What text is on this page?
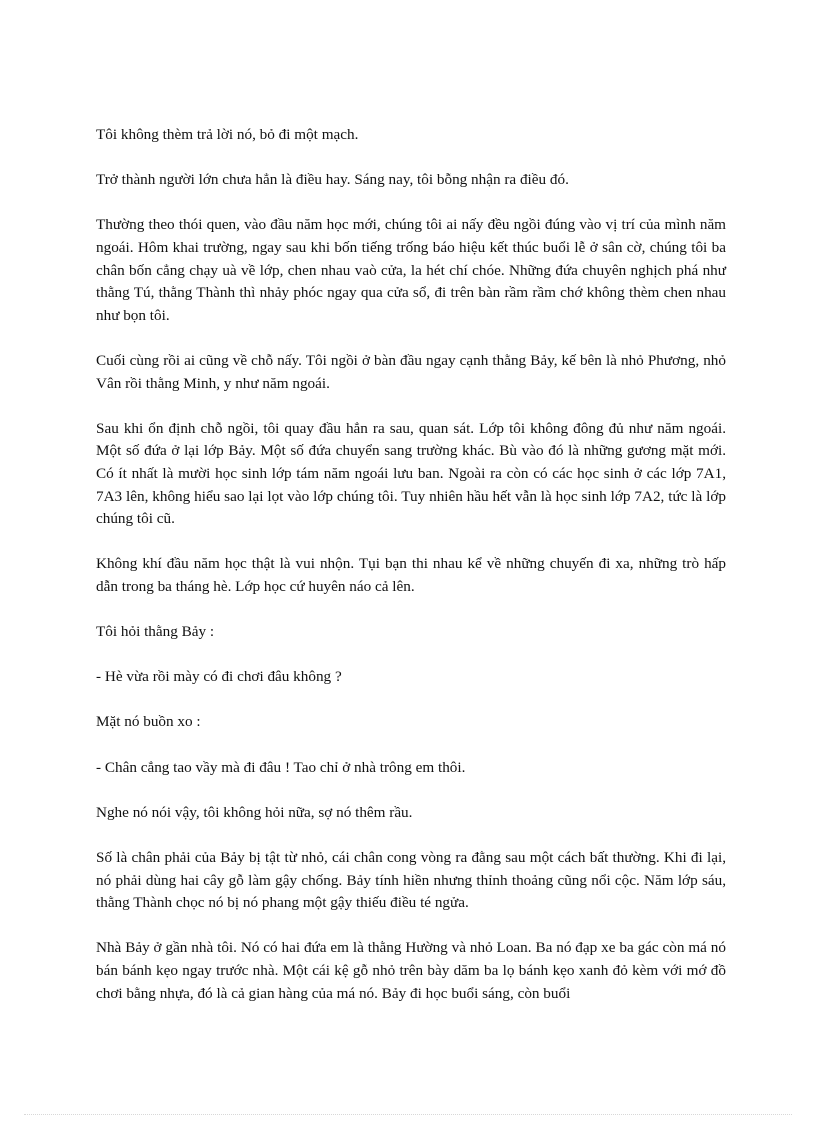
Tôi không thèm trả lời nó, bỏ đi một mạch.

Trở thành người lớn chưa hẳn là điều hay. Sáng nay, tôi bỗng nhận ra điều đó.

Thường theo thói quen, vào đầu năm học mới, chúng tôi ai nấy đều ngồi đúng vào vị trí của mình năm ngoái. Hôm khai trường, ngay sau khi bốn tiếng trống báo hiệu kết thúc buổi lễ ở sân cờ, chúng tôi ba chân bốn cẳng chạy uà về lớp, chen nhau vaò cửa, la hét chí chóe. Những đứa chuyên nghịch phá như thằng Tú, thằng Thành thì nhảy phóc ngay qua cửa sổ, đi trên bàn rầm rầm chớ không thèm chen nhau như bọn tôi.

Cuối cùng rồi ai cũng về chỗ nấy. Tôi ngồi ở bàn đầu ngay cạnh thằng Bảy, kế bên là nhỏ Phương, nhỏ Vân rồi thằng Minh, y như năm ngoái.

Sau khi ổn định chỗ ngồi, tôi quay đầu hẳn ra sau, quan sát. Lớp tôi không đông đủ như năm ngoái. Một số đứa ở lại lớp Bảy. Một số đứa chuyển sang trường khác. Bù vào đó là những gương mặt mới. Có ít nhất là mười học sinh lớp tám năm ngoái lưu ban. Ngoài ra còn có các học sinh ở các lớp 7A1, 7A3 lên, không hiểu sao lại lọt vào lớp chúng tôi. Tuy nhiên hầu hết vẫn là học sinh lớp 7A2, tức là lớp chúng tôi cũ.

Không khí đầu năm học thật là vui nhộn. Tụi bạn thi nhau kể về những chuyến đi xa, những trò hấp dẫn trong ba tháng hè. Lớp học cứ huyên náo cả lên.

Tôi hỏi thằng Bảy :

- Hè vừa rồi mày có đi chơi đâu không ?

Mặt nó buồn xo :

- Chân cẳng tao vầy mà đi đâu ! Tao chỉ ở nhà trông em thôi.

Nghe nó nói vậy, tôi không hỏi nữa, sợ nó thêm rầu.

Số là chân phải của Bảy bị tật từ nhỏ, cái chân cong vòng ra đằng sau một cách bất thường. Khi đi lại, nó phải dùng hai cây gỗ làm gậy chống. Bảy tính hiền nhưng thỉnh thoảng cũng nổi cộc. Năm lớp sáu, thằng Thành chọc nó bị nó phang một gậy thiếu điều té ngửa.

Nhà Bảy ở gần nhà tôi. Nó có hai đứa em là thằng Hường và nhỏ Loan. Ba nó đạp xe ba gác còn má nó bán bánh kẹo ngay trước nhà. Một cái kệ gỗ nhỏ trên bày dăm ba lọ bánh kẹo xanh đỏ kèm với mớ đồ chơi bằng nhựa, đó là cả gian hàng của má nó. Bảy đi học buổi sáng, còn buổi
